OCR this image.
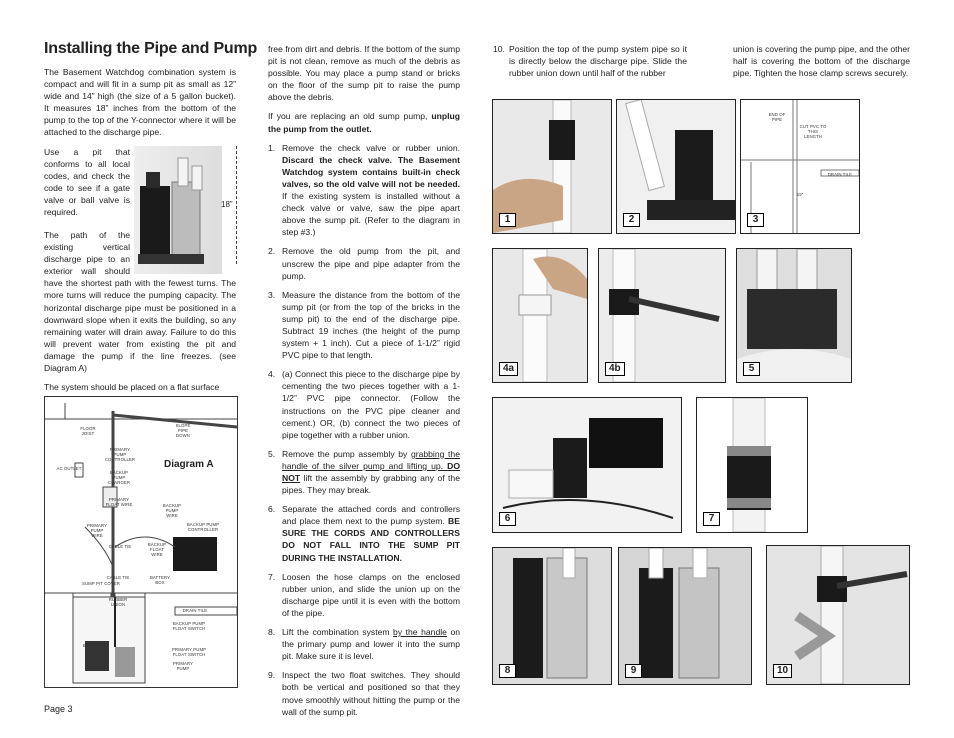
Installing the Pipe and Pump

The Basement Watchdog combination system is compact and will fit in a sump pit as small as 12” wide and 14” high (the size of a 5 gallon bucket). It measures 18” inches from the bottom of the pump to the top of the Y-connector where it will be attached to the discharge pipe.

Use a pit that conforms to all local codes, and check the code to see if a gate valve or ball valve is required.

The path of the existing vertical discharge pipe to an exterior wall should have the shortest path with the fewest turns. The more turns will reduce the pumping capacity. The horizontal discharge pipe must be positioned in a downward slope when it exits the building, so any remaining water will drain away. Failure to do this will prevent water from existing the pit and damage the pump if the line freezes. (see Diagram A)

The system should be placed on a flat surface

18”
FLOOR JOIST
SLOPE PIPE DOWN
PRIMARY PUMP CONTROLLER	Diagram A
AC OUTLET
BACKUP PUMP CHARGER
PRIMARY FLOAT WIRE	BACKUP PUMP WIRE
PRIMARY PUMP WIRE
BACKUP PUMP CONTROLLER
CABLE TIE	BACKUP FLOAT WIRE
CABLE TIE
SUMP PIT COVER
BATTERY BOX
RUBBER UNION
DRAIN TILE
BACKUP PUMP FLOAT SWITCH
BACKUP PUMP	PRIMARY PUMP FLOAT SWITCH
PRIMARY PUMP
Page 3

free from dirt and debris. If the bottom of the sump pit is not clean, remove as much of the debris as possible. You may place a pump stand or bricks on the floor of the sump pit to raise the pump above the debris.

If you are replacing an old sump pump, unplug the pump from the outlet.

1. Remove the check valve or rubber union. Discard the check valve. The Basement Watchdog system contains built-in check valves, so the old valve will not be needed. If the existing system is installed without a check valve or valve, saw the pipe apart above the sump pit. (Refer to the diagram in step #3.)
2. Remove the old pump from the pit, and unscrew the pipe and pipe adapter from the pump.
3. Measure the distance from the bottom of the sump pit (or from the top of the bricks in the sump pit) to the end of the discharge pipe. Subtract 19 inches (the height of the pump system + 1 inch). Cut a piece of 1-1/2” rigid PVC pipe to that length.
4. (a) Connect this piece to the discharge pipe by cementing the two pieces together with a 1-1/2” PVC pipe connector. (Follow the instructions on the PVC pipe cleaner and cement.) OR, (b) connect the two pieces of pipe together with a rubber union.
5. Remove the pump assembly by grabbing the handle of the silver pump and lifting up. DO NOT lift the assembly by grabbing any of the pipes. They may break.
6. Separate the attached cords and controllers and place them next to the pump system. BE SURE THE CORDS AND CONTROLLERS DO NOT FALL INTO THE SUMP PIT DURING THE INSTALLATION.
7. Loosen the hose clamps on the enclosed rubber union, and slide the union up on the discharge pipe until it is even with the bottom of the pipe.
8. Lift the combination system by the handle on the primary pump and lower it into the sump pit. Make sure it is level.
9. Inspect the two float switches. They should both be vertical and positioned so that they move smoothly without hitting the pump or the wall of the sump pit.
10. Position the top of the pump system pipe so it is directly below the discharge pipe. Slide the rubber union down until half of the rubber

union is covering the pump pipe, and the other half is covering the bottom of the discharge pipe. Tighten the hose clamp screws securely.

1	2
END OF PIPE
CUT PVC TO THIS LENGTH
DRAIN TILE
19”
3
4a	4b	5
6	7
8	9	10
